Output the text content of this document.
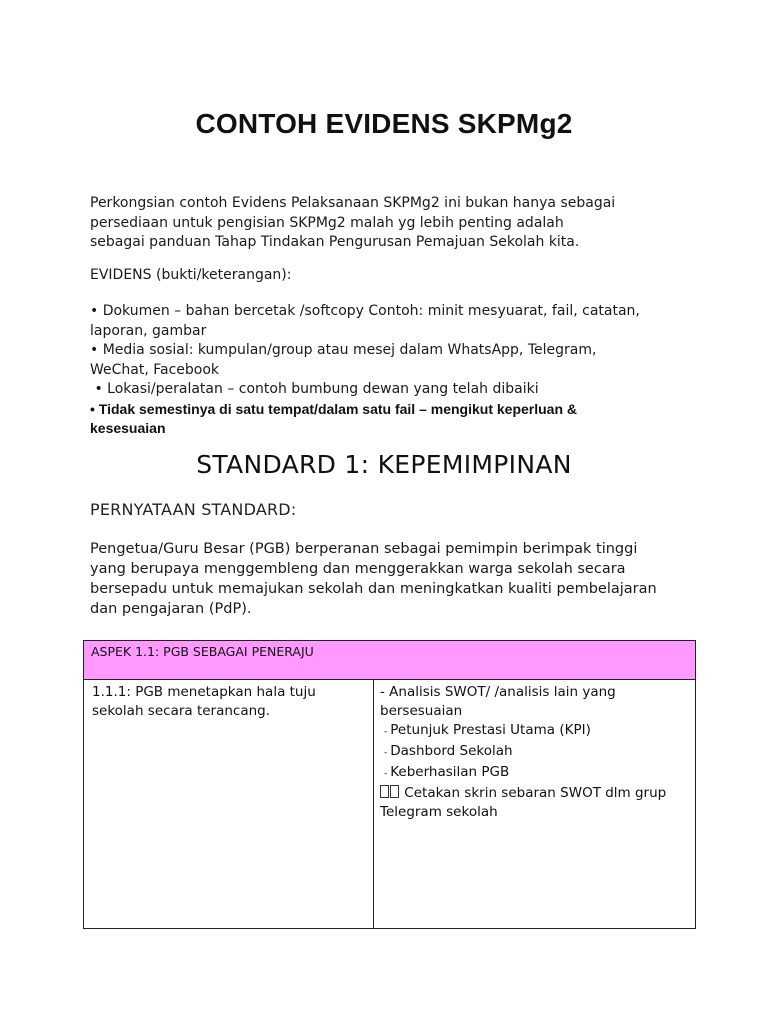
CONTOH EVIDENS SKPMg2
Perkongsian contoh Evidens Pelaksanaan SKPMg2 ini bukan hanya sebagai
persediaan untuk pengisian SKPMg2 malah yg lebih penting adalah
sebagai panduan Tahap Tindakan Pengurusan Pemajuan Sekolah kita.
EVIDENS (bukti/keterangan):
• Dokumen – bahan bercetak /softcopy Contoh: minit mesyuarat, fail, catatan,
laporan, gambar
• Media sosial: kumpulan/group atau mesej dalam WhatsApp, Telegram,
WeChat, Facebook
• Lokasi/peralatan – contoh bumbung dewan yang telah dibaiki
• Tidak semestinya di satu tempat/dalam satu fail – mengikut keperluan &
kesesuaian
STANDARD 1: KEPEMIMPINAN
PERNYATAAN STANDARD:
Pengetua/Guru Besar (PGB) berperanan sebagai pemimpin berimpak tinggi
yang berupaya menggembleng dan menggerakkan warga sekolah secara
bersepadu untuk memajukan sekolah dan meningkatkan kualiti pembelajaran
dan pengajaran (PdP).
ASPEK 1.1: PGB SEBAGAI PENERAJU
1.1.1: PGB menetapkan hala tuju
sekolah secara terancang.
- Analisis SWOT/ /analisis lain yang
bersesuaian
- Petunjuk Prestasi Utama (KPI)
- Dashbord Sekolah
- Keberhasilan PGB
Cetakan skrin sebaran SWOT dlm grup
Telegram sekolah
